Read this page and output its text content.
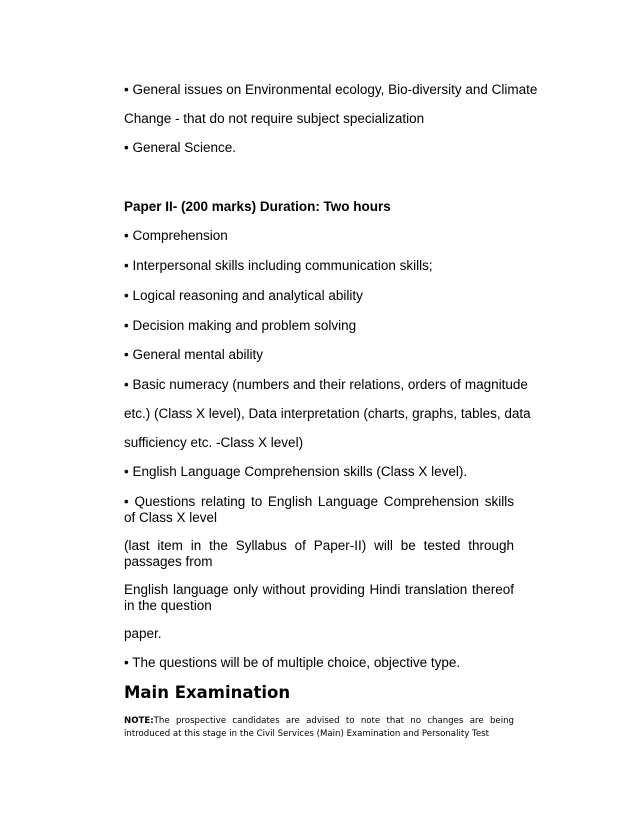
• General issues on Environmental ecology, Bio-diversity and Climate

Change - that do not require subject specialization

• General Science.

Paper II- (200 marks) Duration: Two hours

• Comprehension

• Interpersonal skills including communication skills;

• Logical reasoning and analytical ability

• Decision making and problem solving

• General mental ability

• Basic numeracy (numbers and their relations, orders of magnitude

etc.) (Class X level), Data interpretation (charts, graphs, tables, data

sufficiency etc. -Class X level)

• English Language Comprehension skills (Class X level).

• Questions relating to English Language Comprehension skills of Class X level

(last item in the Syllabus of Paper-II) will be tested through passages from

English language only without providing Hindi translation thereof in the question

paper.

• The questions will be of multiple choice, objective type.

Main Examination

NOTE:The prospective candidates are advised to note that no changes are being introduced at this stage in the Civil Services (Main) Examination and Personality Test
